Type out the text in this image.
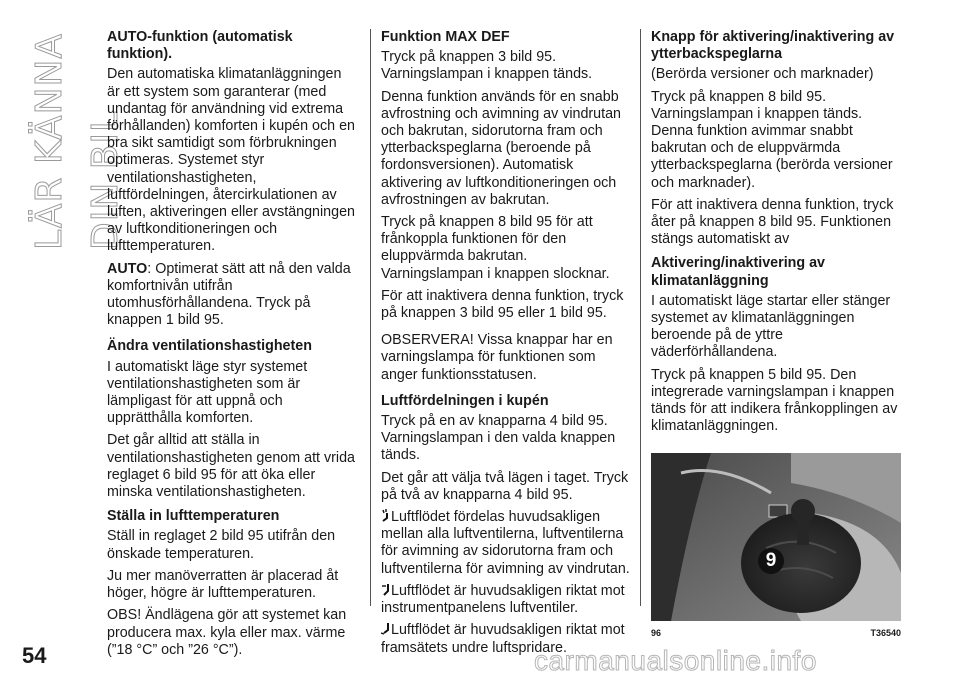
LÄR KÄNNA DIN BIL
AUTO-funktion (automatisk funktion).

Den automatiska klimatanläggningen är ett system som garanterar (med undantag för användning vid extrema förhållanden) komforten i kupén och en bra sikt samtidigt som förbrukningen optimeras. Systemet styr ventilationshastigheten, luftfördelningen, återcirkulationen av luften, aktiveringen eller avstängningen av luftkonditioneringen och lufttemperaturen.

AUTO: Optimerat sätt att nå den valda komfortnivån utifrån utomhusförhållandena. Tryck på knappen 1 bild 95.

Ändra ventilationshastigheten

I automatiskt läge styr systemet ventilationshastigheten som är lämpligast för att uppnå och upprätthålla komforten.

Det går alltid att ställa in ventilationshastigheten genom att vrida reglaget 6 bild 95 för att öka eller minska ventilationshastigheten.

Ställa in lufttemperaturen

Ställ in reglaget 2 bild 95 utifrån den önskade temperaturen.

Ju mer manöverratten är placerad åt höger, högre är lufttemperaturen.

OBS! Ändlägena gör att systemet kan producera max. kyla eller max. värme (”18 °C” och ”26 °C”).

Funktion MAX DEF

Tryck på knappen 3 bild 95. Varningslampan i knappen tänds.

Denna funktion används för en snabb avfrostning och avimning av vindrutan och bakrutan, sidorutorna fram och ytterbackspeglarna (beroende på fordonsversionen). Automatisk aktivering av luftkonditioneringen och avfrostningen av bakrutan.

Tryck på knappen 8 bild 95 för att frånkoppla funktionen för den eluppvärmda bakrutan. Varningslampan i knappen slocknar.

För att inaktivera denna funktion, tryck på knappen 3 bild 95 eller 1 bild 95.

OBSERVERA! Vissa knappar har en varningslampa för funktionen som anger funktionsstatusen.

Luftfördelningen i kupén

Tryck på en av knapparna 4 bild 95. Varningslampan i den valda knappen tänds.

Det går att välja två lägen i taget. Tryck på två av knapparna 4 bild 95.

Luftflödet fördelas huvudsakligen mellan alla luftventilerna, luftventilerna för avimning av sidorutorna fram och luftventilerna för avimning av vindrutan.

Luftflödet är huvudsakligen riktat mot instrumentpanelens luftventiler.

Luftflödet är huvudsakligen riktat mot framsätets undre luftspridare.

Knapp för aktivering/inaktivering av ytterbackspeglarna

(Berörda versioner och marknader)

Tryck på knappen 8 bild 95. Varningslampan i knappen tänds. Denna funktion avimmar snabbt bakrutan och de eluppvärmda ytterbackspeglarna (berörda versioner och marknader).

För att inaktivera denna funktion, tryck åter på knappen 8 bild 95. Funktionen stängs automatiskt av

Aktivering/inaktivering av klimatanläggning

I automatiskt läge startar eller stänger systemet av klimatanläggningen beroende på de yttre väderförhållandena.

Tryck på knappen 5 bild 95. Den integrerade varningslampan i knappen tänds för att indikera frånkopplingen av klimatanläggningen.

9
96	T36540
54	carmanualsonline.info
